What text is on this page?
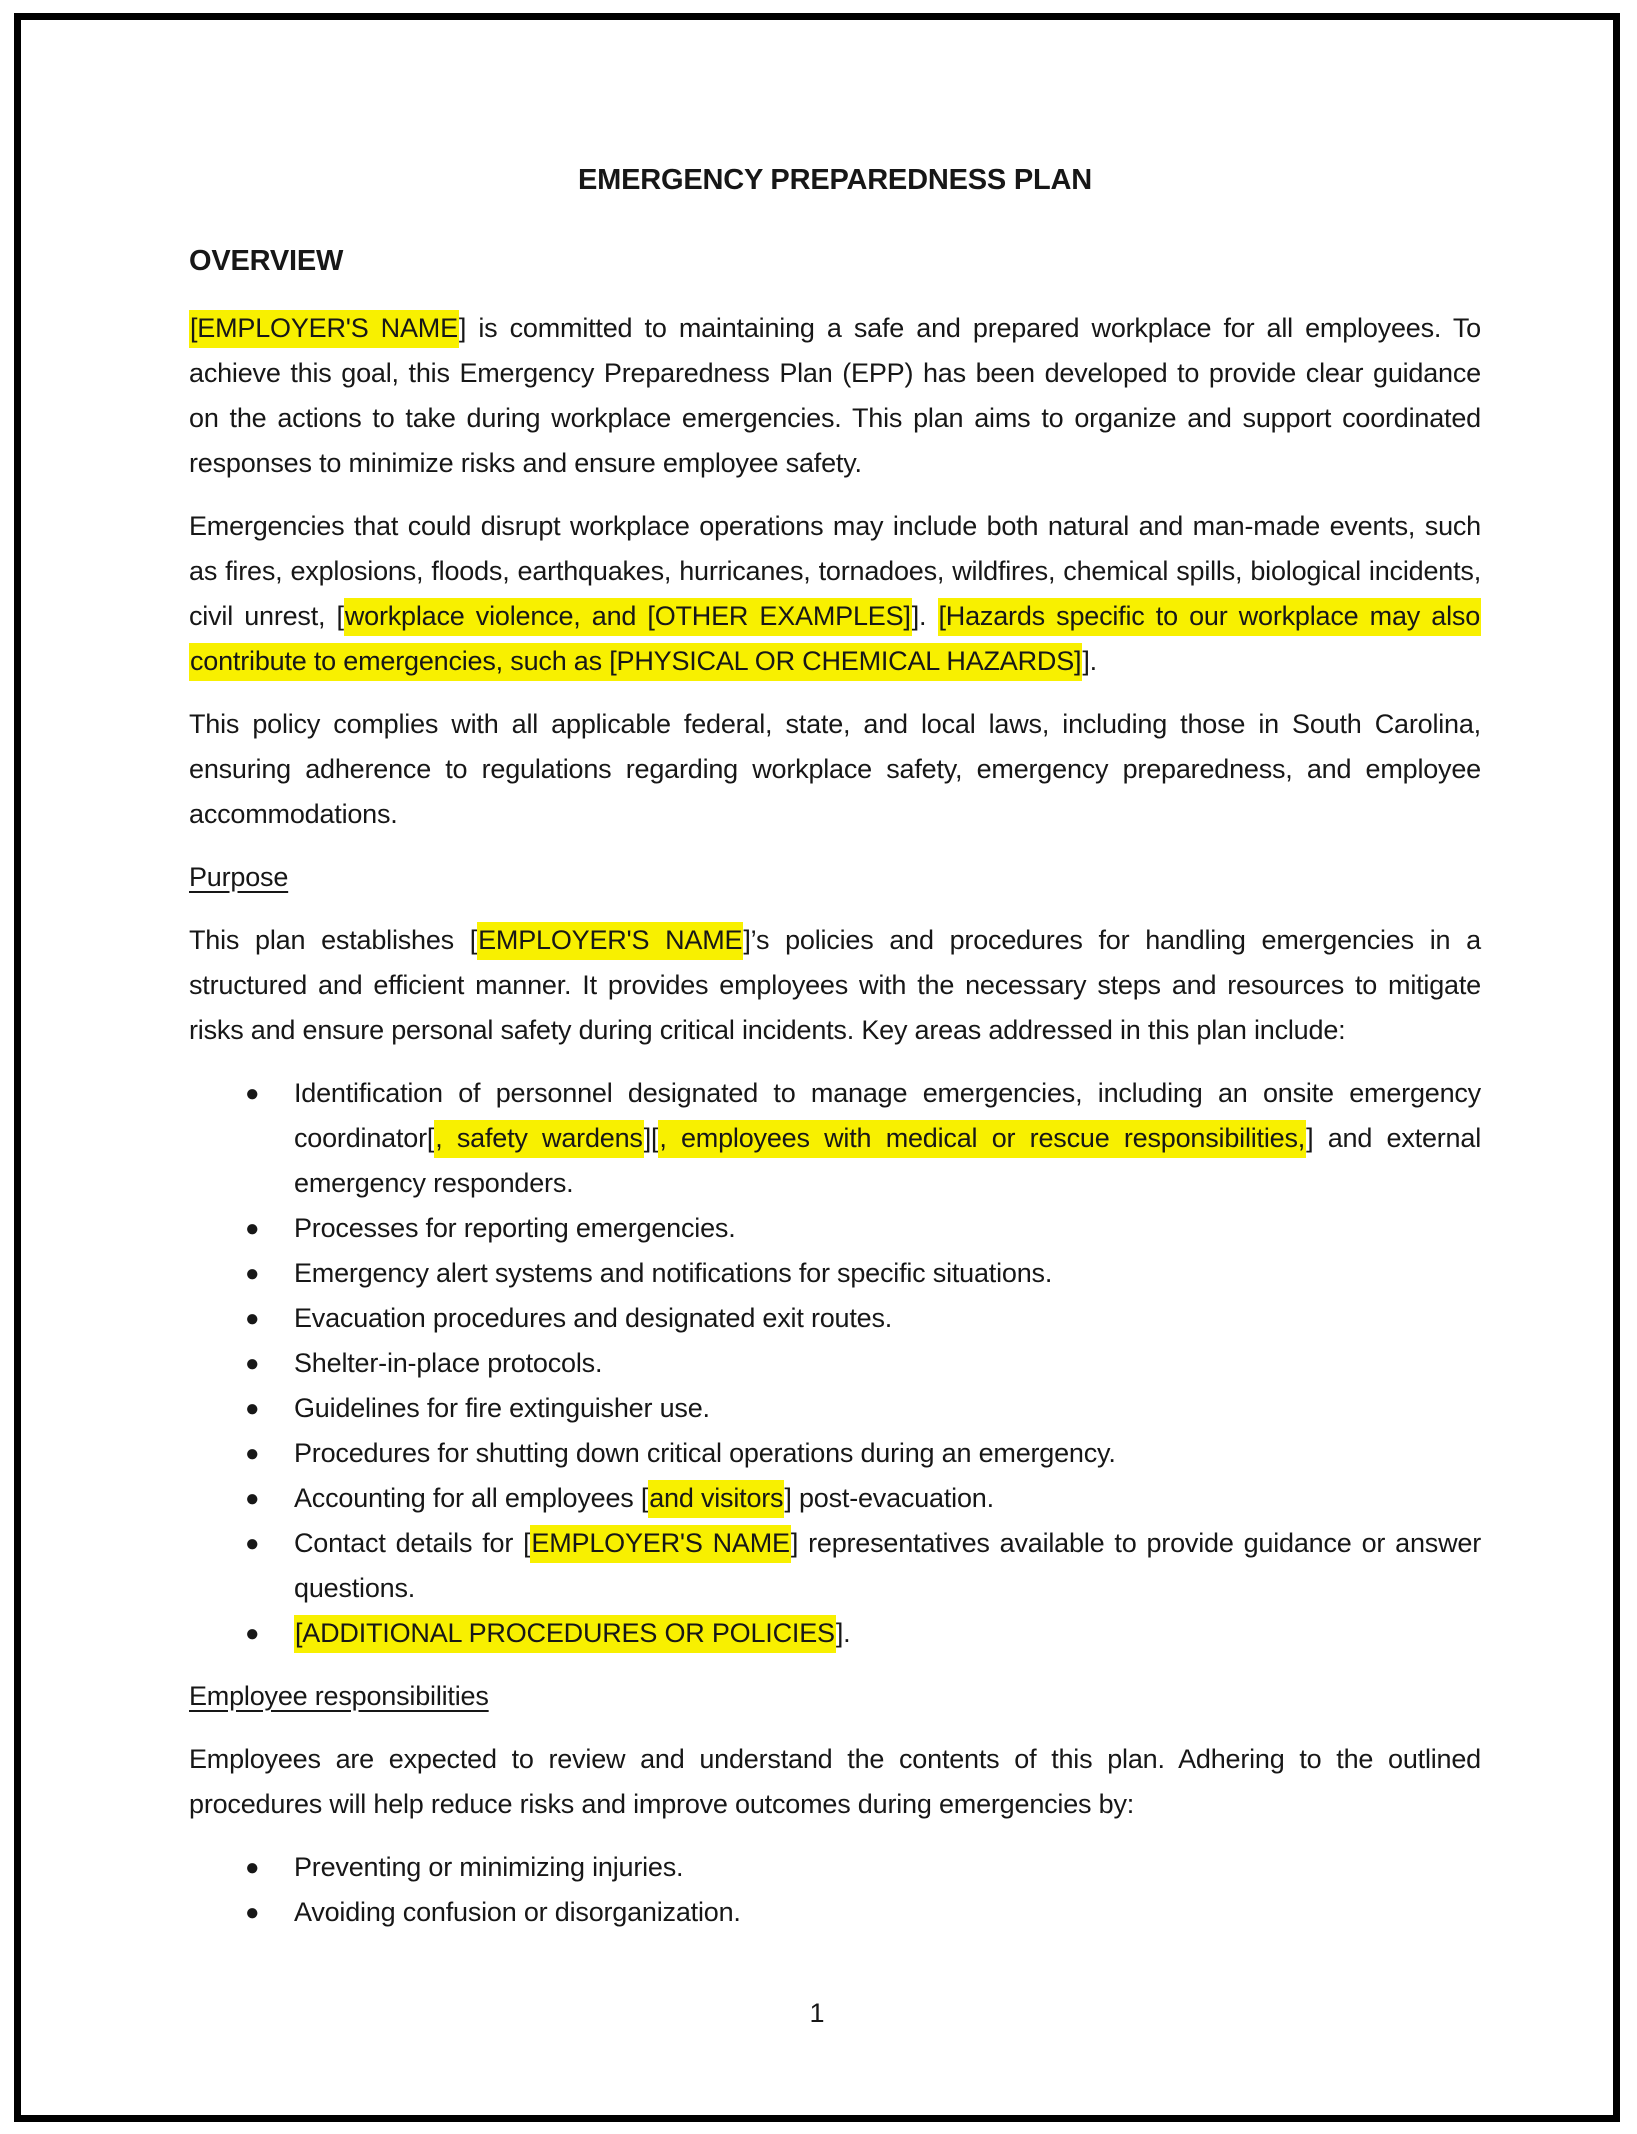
EMERGENCY PREPAREDNESS PLAN
OVERVIEW
[EMPLOYER'S NAME] is committed to maintaining a safe and prepared workplace for all employees. To achieve this goal, this Emergency Preparedness Plan (EPP) has been developed to provide clear guidance on the actions to take during workplace emergencies. This plan aims to organize and support coordinated responses to minimize risks and ensure employee safety.
Emergencies that could disrupt workplace operations may include both natural and man-made events, such as fires, explosions, floods, earthquakes, hurricanes, tornadoes, wildfires, chemical spills, biological incidents, civil unrest, [workplace violence, and [OTHER EXAMPLES]]. [Hazards specific to our workplace may also contribute to emergencies, such as [PHYSICAL OR CHEMICAL HAZARDS]].
This policy complies with all applicable federal, state, and local laws, including those in South Carolina, ensuring adherence to regulations regarding workplace safety, emergency preparedness, and employee accommodations.
Purpose
This plan establishes [EMPLOYER'S NAME]’s policies and procedures for handling emergencies in a structured and efficient manner. It provides employees with the necessary steps and resources to mitigate risks and ensure personal safety during critical incidents. Key areas addressed in this plan include:
● Identification of personnel designated to manage emergencies, including an onsite emergency coordinator[, safety wardens][, employees with medical or rescue responsibilities,] and external emergency responders.
● Processes for reporting emergencies.
● Emergency alert systems and notifications for specific situations.
● Evacuation procedures and designated exit routes.
● Shelter-in-place protocols.
● Guidelines for fire extinguisher use.
● Procedures for shutting down critical operations during an emergency.
● Accounting for all employees [and visitors] post-evacuation.
● Contact details for [EMPLOYER'S NAME] representatives available to provide guidance or answer questions.
● [ADDITIONAL PROCEDURES OR POLICIES].
Employee responsibilities
Employees are expected to review and understand the contents of this plan. Adhering to the outlined procedures will help reduce risks and improve outcomes during emergencies by:
● Preventing or minimizing injuries.
● Avoiding confusion or disorganization.
1
